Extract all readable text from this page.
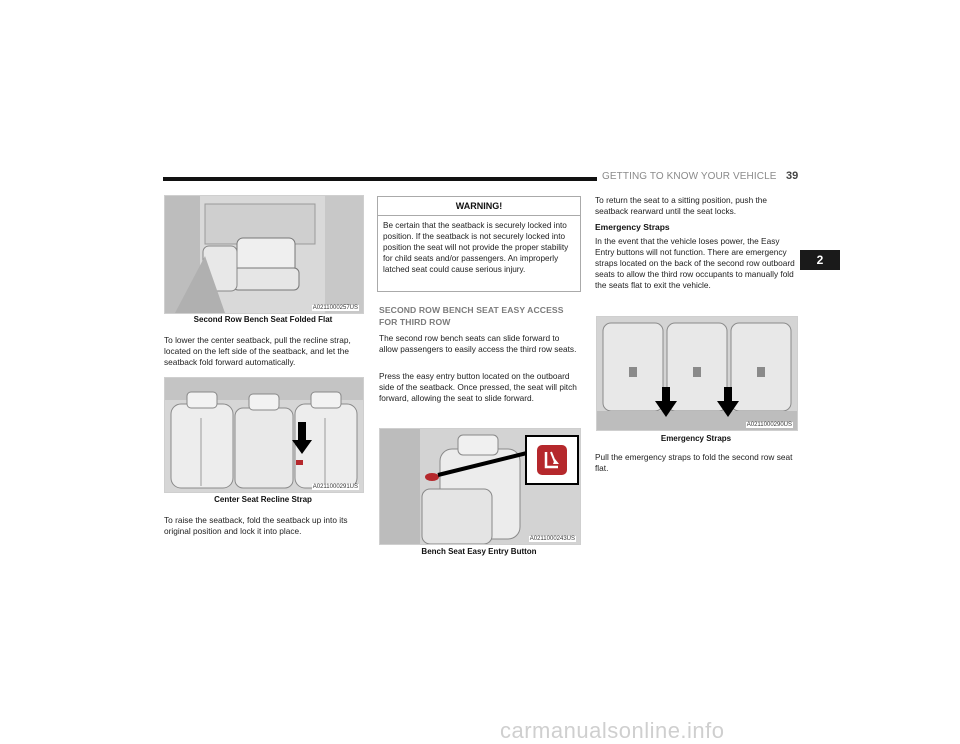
GETTING TO KNOW YOUR VEHICLE 39
2
A0211000257US
Second Row Bench Seat Folded Flat
To lower the center seatback, pull the recline strap, located on the left side of the seatback, and let the seatback fold forward automatically.
A0211000291US
Center Seat Recline Strap
To raise the seatback, fold the seatback up into its original position and lock it into place.
WARNING!
Be certain that the seatback is securely locked into position. If the seatback is not securely locked into position the seat will not provide the proper stability for child seats and/or passengers. An improperly latched seat could cause serious injury.
SECOND ROW BENCH SEAT EASY ACCESS FOR THIRD ROW
The second row bench seats can slide forward to allow passengers to easily access the third row seats.
Press the easy entry button located on the outboard side of the seatback. Once pressed, the seat will pitch forward, allowing the seat to slide forward.
A0211000243US
Bench Seat Easy Entry Button
To return the seat to a sitting position, push the seatback rearward until the seat locks.
Emergency Straps
In the event that the vehicle loses power, the Easy Entry buttons will not function. There are emergency straps located on the back of the second row outboard seats to allow the third row occupants to manually fold the seats flat to exit the vehicle.
A0211000290US
Emergency Straps
Pull the emergency straps to fold the second row seat flat.
carmanualsonline.info
